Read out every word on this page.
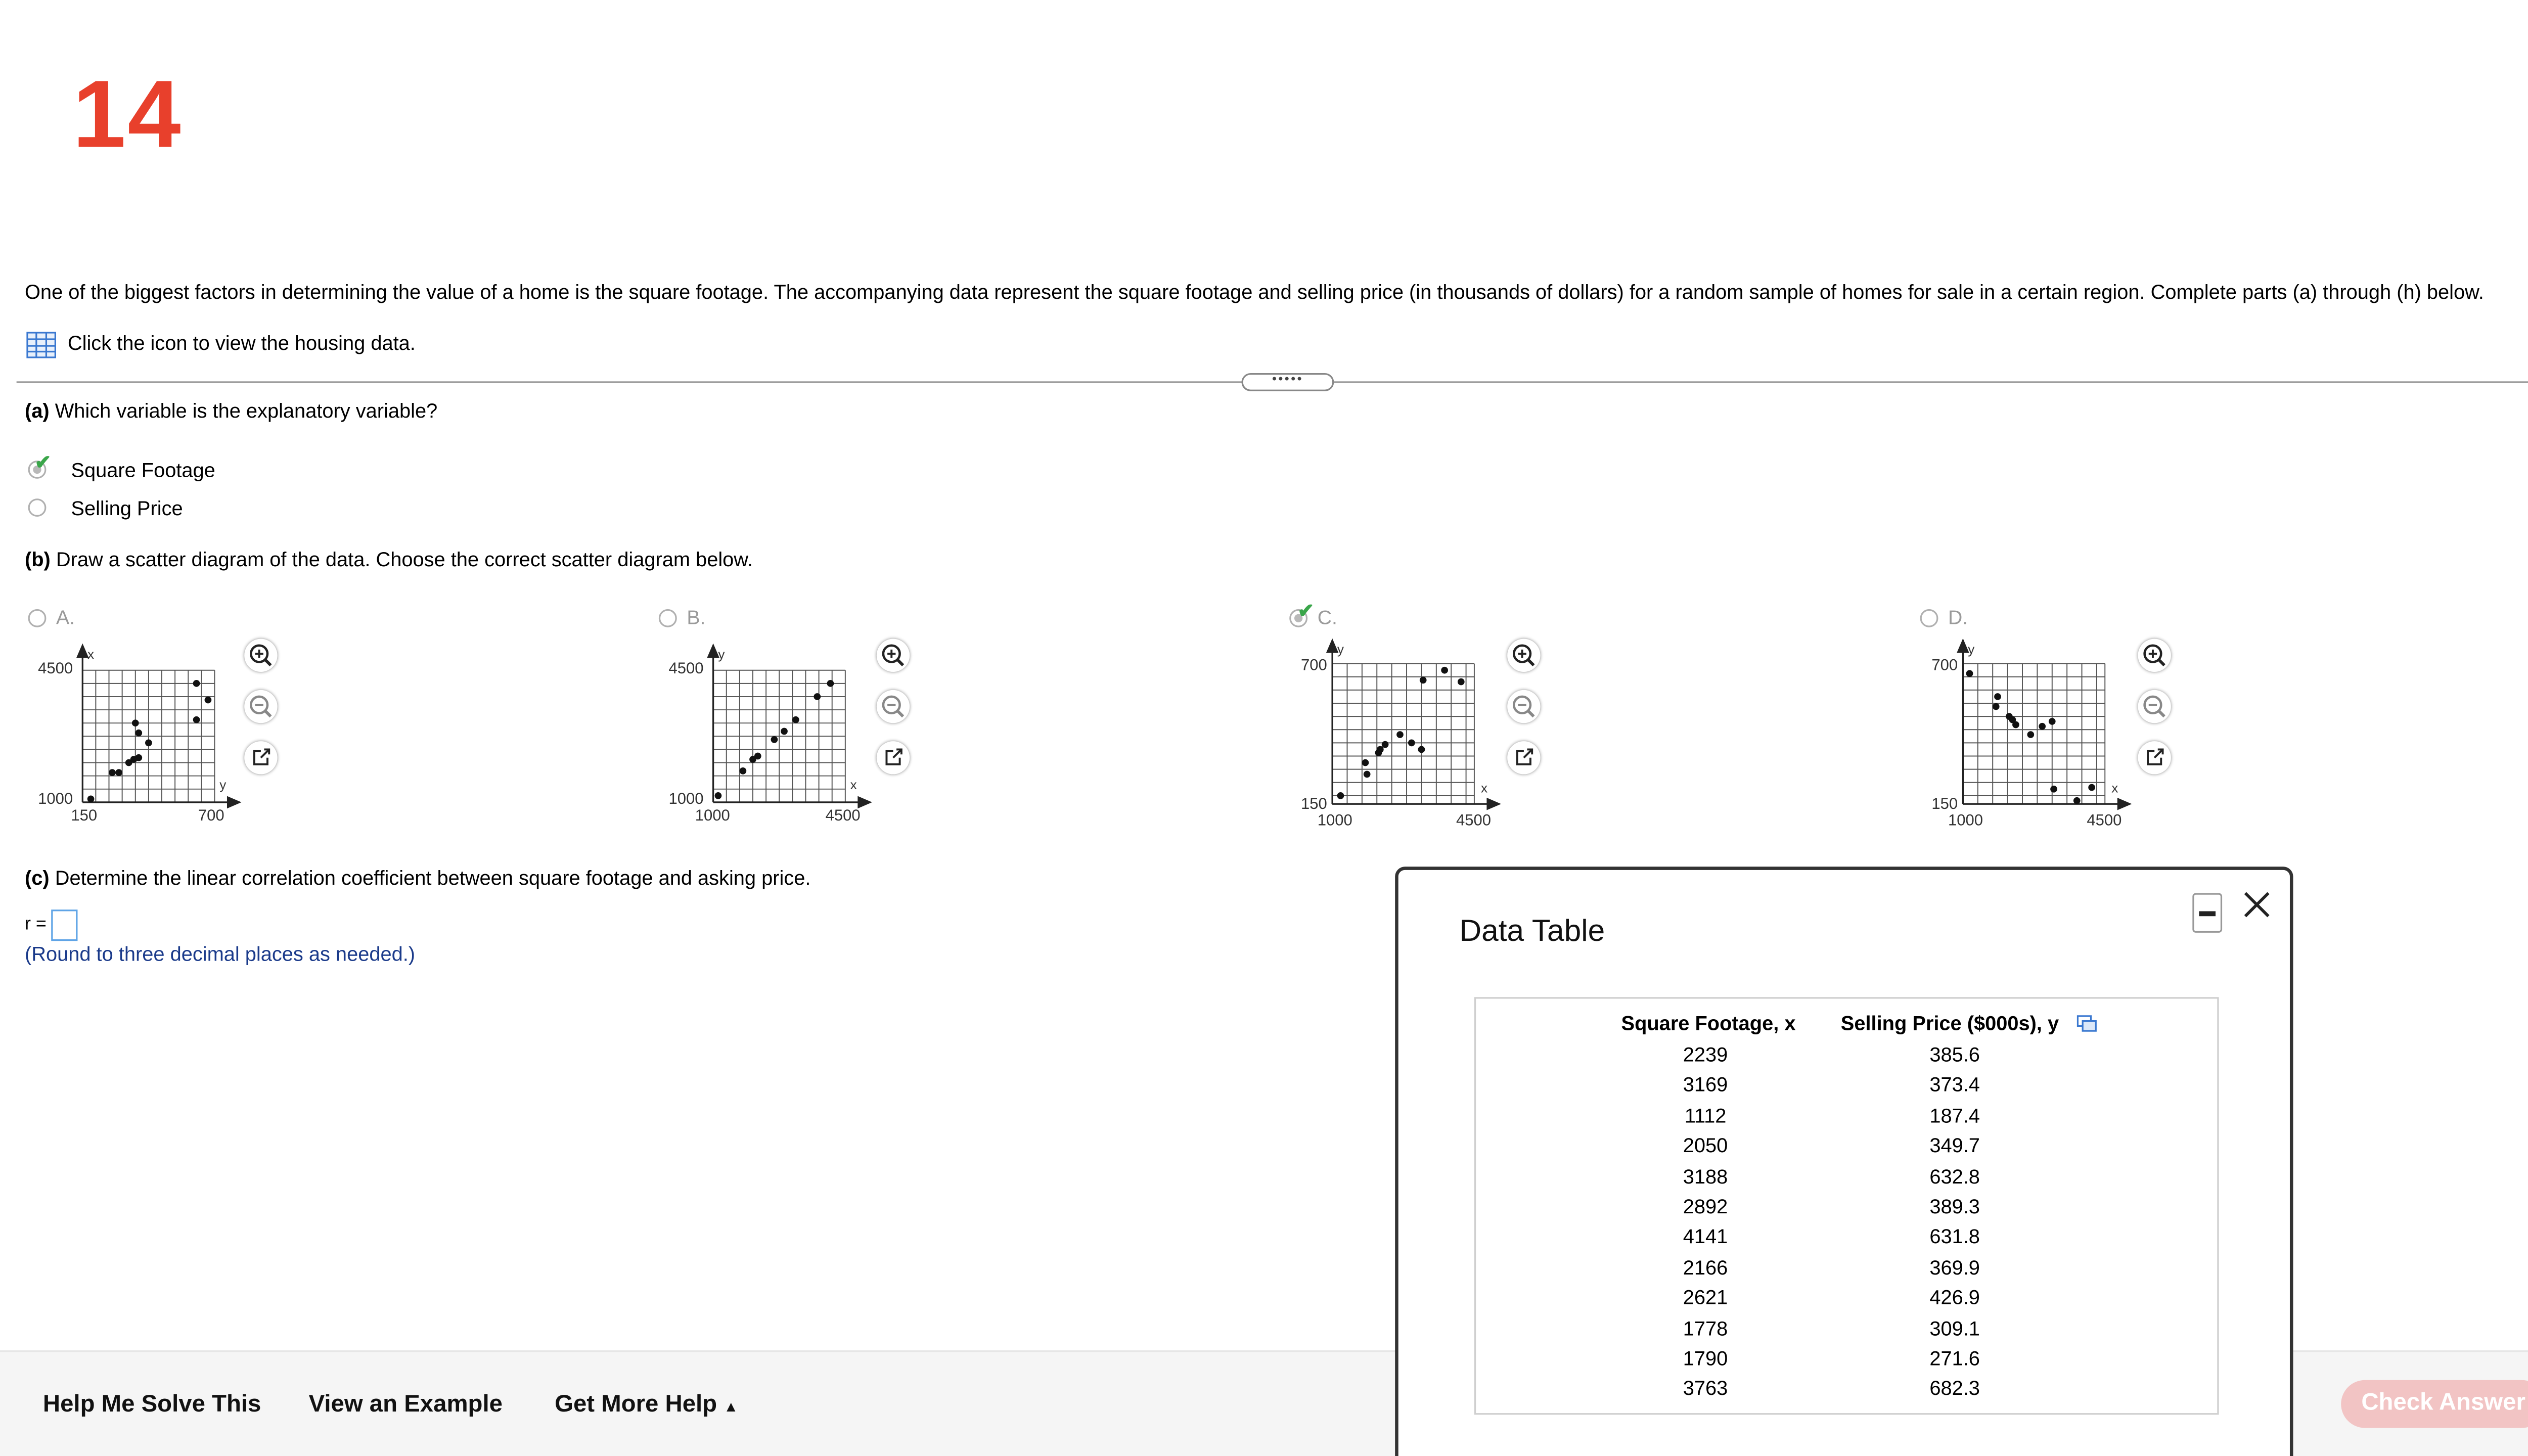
14
One of the biggest factors in determining the value of a home is the square footage. The accompanying data represent the square footage and selling price (in thousands of dollars) for a random sample of homes for sale in a certain region. Complete parts (a) through (h) below.
Click the icon to view the housing data.
•••••
(a) Which variable is the explanatory variable?
✔	Square Footage
Selling Price
(b) Draw a scatter diagram of the data. Choose the correct scatter diagram below.
A.
x
y
4500
1000
150	700
B.
y
x
4500
1000
1000	4500
✔ C.
y
x
700
150
1000	4500
D.
y
x
700
150
1000	4500
(c) Determine the linear correlation coefficient between square footage and asking price.
r =
(Round to three decimal places as needed.)
Help Me Solve This	View an Example	Get More Help ▲	Check Answer
Data Table
Square Footage, x	Selling Price ($000s), y
2239	385.6
3169	373.4
1112	187.4
2050	349.7
3188	632.8
2892	389.3
4141	631.8
2166	369.9
2621	426.9
1778	309.1
1790	271.6
3763	682.3
